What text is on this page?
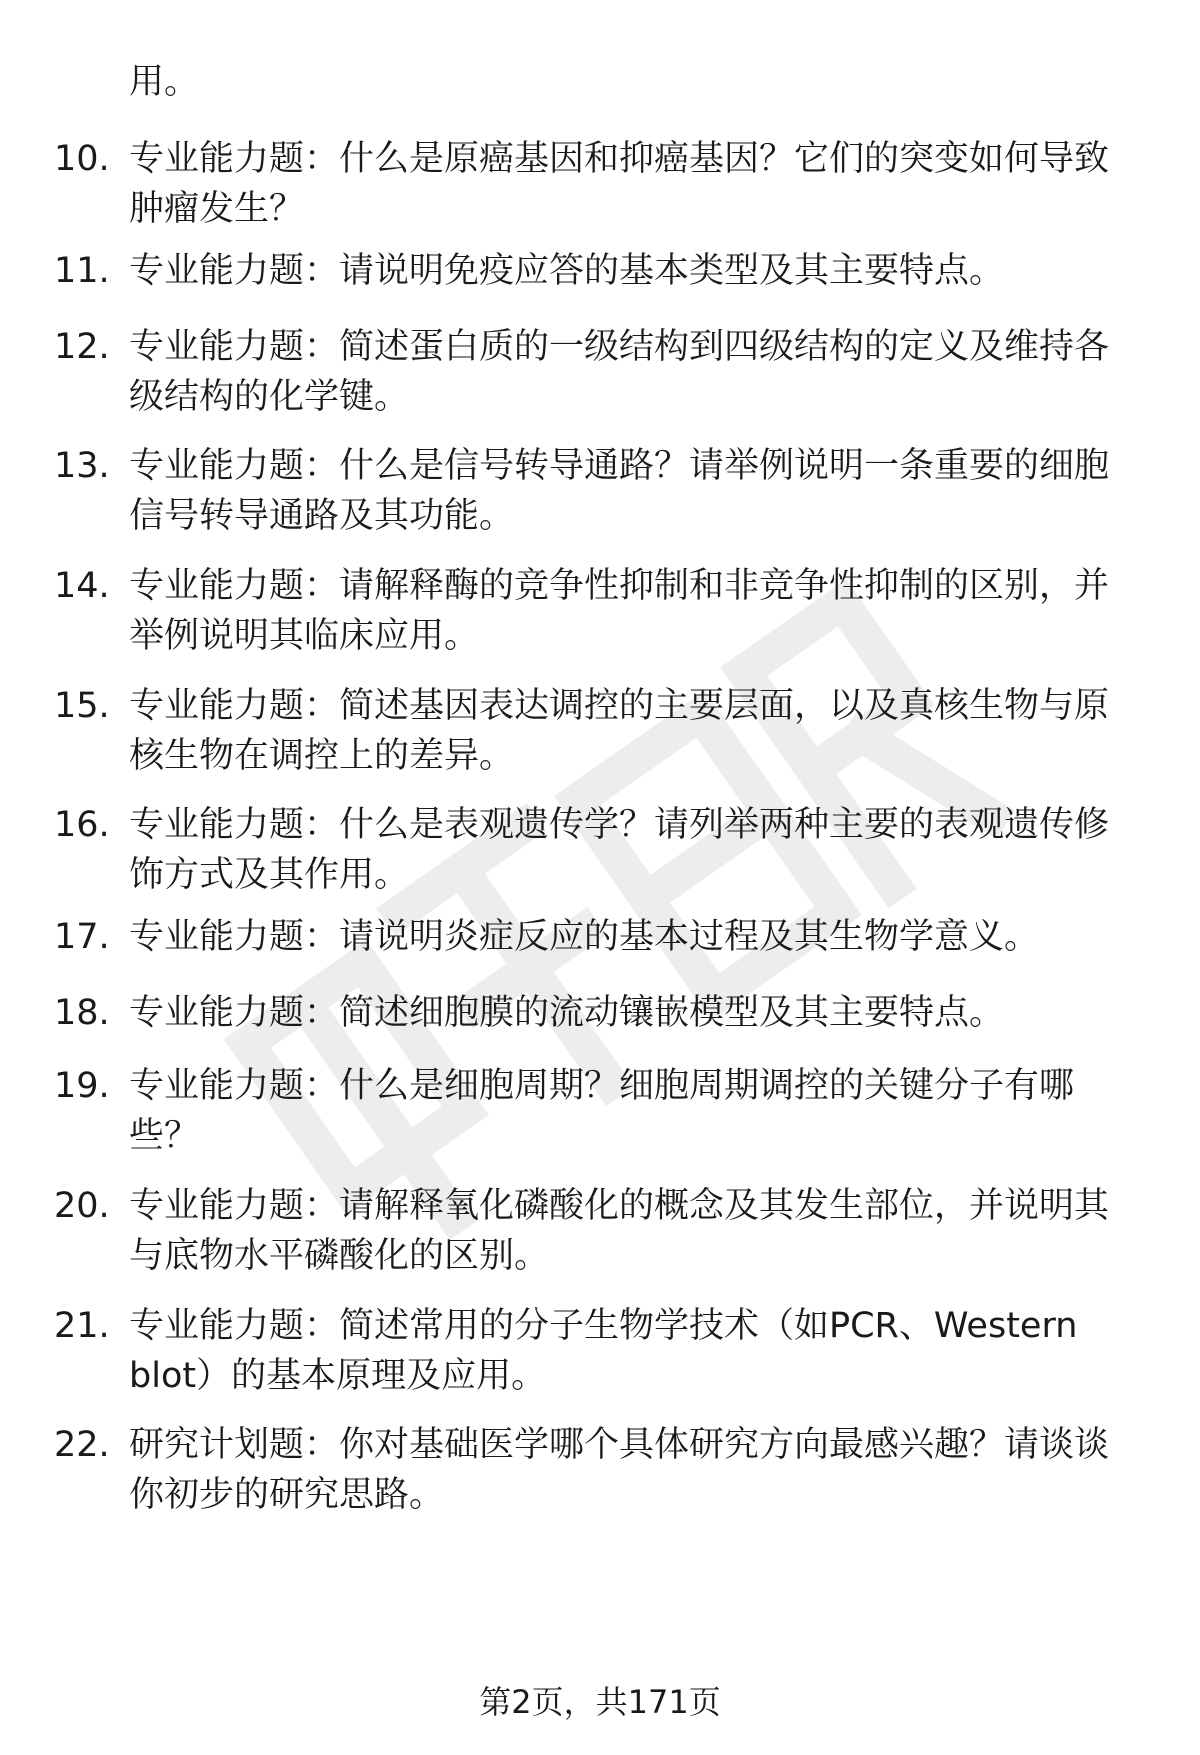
用。
10. 专业能力题：什么是原癌基因和抑癌基因？它们的突变如何导致
肿瘤发生？
11. 专业能力题：请说明免疫应答的基本类型及其主要特点。
12. 专业能力题：简述蛋白质的一级结构到四级结构的定义及维持各
级结构的化学键。
13. 专业能力题：什么是信号转导通路？请举例说明一条重要的细胞
信号转导通路及其功能。
14. 专业能力题：请解释酶的竞争性抑制和非竞争性抑制的区别，并
举例说明其临床应用。
15. 专业能力题：简述基因表达调控的主要层面，以及真核生物与原
核生物在调控上的差异。
16. 专业能力题：什么是表观遗传学？请列举两种主要的表观遗传修
饰方式及其作用。
17. 专业能力题：请说明炎症反应的基本过程及其生物学意义。
18. 专业能力题：简述细胞膜的流动镶嵌模型及其主要特点。
19. 专业能力题：什么是细胞周期？细胞周期调控的关键分子有哪
些？
20. 专业能力题：请解释氧化磷酸化的概念及其发生部位，并说明其
与底物水平磷酸化的区别。
21. 专业能力题：简述常用的分子生物学技术（如PCR、Western
blot）的基本原理及应用。
22. 研究计划题：你对基础医学哪个具体研究方向最感兴趣？请谈谈
你初步的研究思路。
第2页，共171页
